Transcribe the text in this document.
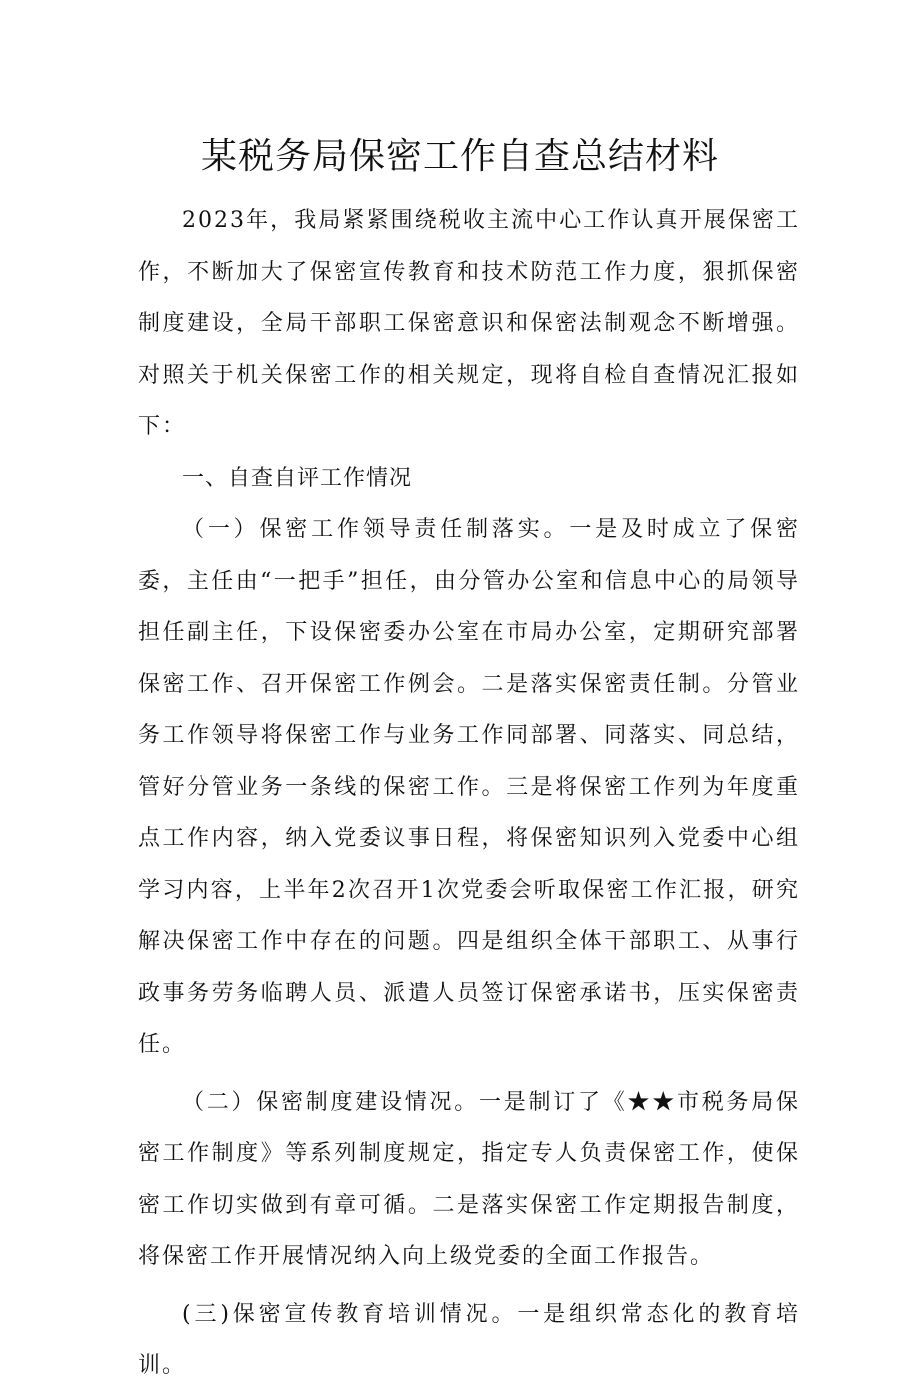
某税务局保密工作自查总结材料

2023年，我局紧紧围绕税收主流中心工作认真开展保密工作，不断加大了保密宣传教育和技术防范工作力度，狠抓保密制度建设，全局干部职工保密意识和保密法制观念不断增强。对照关于机关保密工作的相关规定，现将自检自查情况汇报如下：

一、自查自评工作情况

（一）保密工作领导责任制落实。一是及时成立了保密委，主任由“一把手”担任，由分管办公室和信息中心的局领导担任副主任，下设保密委办公室在市局办公室，定期研究部署保密工作、召开保密工作例会。二是落实保密责任制。分管业务工作领导将保密工作与业务工作同部署、同落实、同总结，管好分管业务一条线的保密工作。三是将保密工作列为年度重点工作内容，纳入党委议事日程，将保密知识列入党委中心组学习内容，上半年2次召开1次党委会听取保密工作汇报，研究解决保密工作中存在的问题。四是组织全体干部职工、从事行政事务劳务临聘人员、派遣人员签订保密承诺书，压实保密责任。

（二）保密制度建设情况。一是制订了《★★市税务局保密工作制度》等系列制度规定，指定专人负责保密工作，使保密工作切实做到有章可循。二是落实保密工作定期报告制度，将保密工作开展情况纳入向上级党委的全面工作报告。

(三)保密宣传教育培训情况。一是组织常态化的教育培训。
